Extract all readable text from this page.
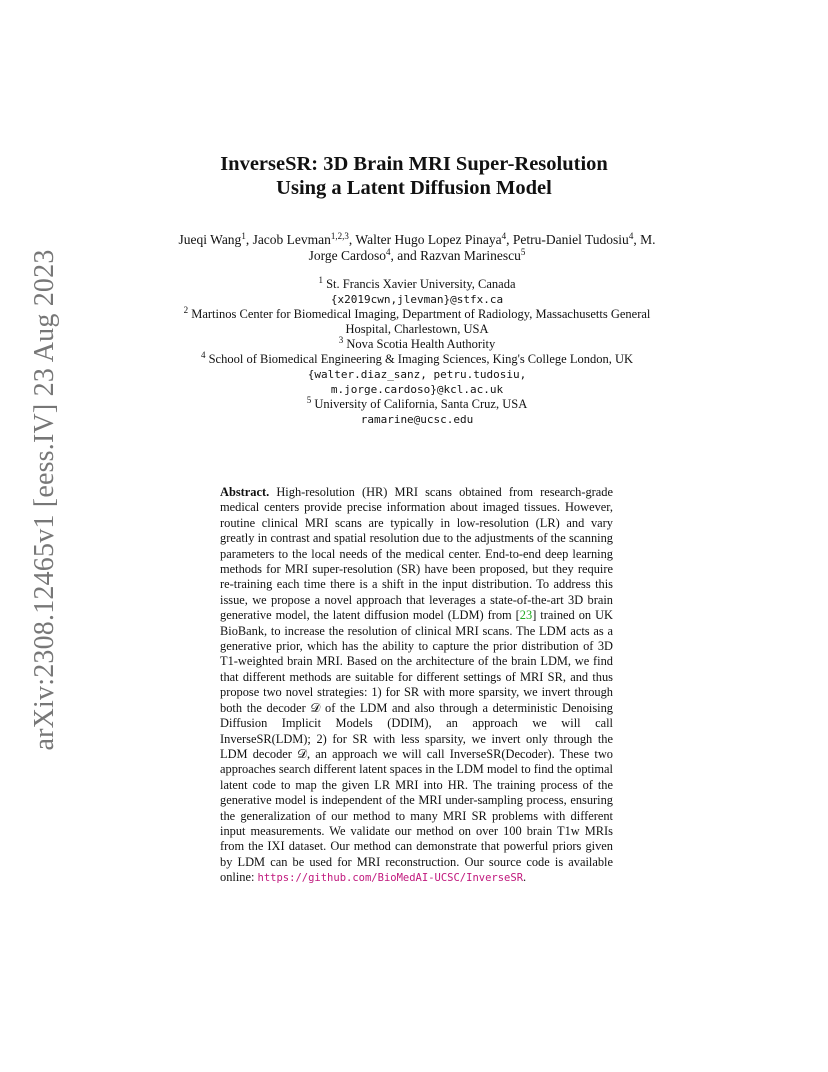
arXiv:2308.12465v1 [eess.IV] 23 Aug 2023
InverseSR: 3D Brain MRI Super-Resolution
Using a Latent Diffusion Model
Jueqi Wang$^1$, Jacob Levman$^{1,2,3}$, Walter Hugo Lopez Pinaya$^4$, Petru-Daniel Tudosiu$^4$, M. Jorge Cardoso$^4$, and Razvan Marinescu$^5$
$^1$ St. Francis Xavier University, Canada
{x2019cwn,jlevman}@stfx.ca
$^2$ Martinos Center for Biomedical Imaging, Department of Radiology, Massachusetts General Hospital, Charlestown, USA
$^3$ Nova Scotia Health Authority
$^4$ School of Biomedical Engineering & Imaging Sciences, King's College London, UK
{walter.diaz_sanz, petru.tudosiu,
m.jorge.cardoso}@kcl.ac.uk
$^5$ University of California, Santa Cruz, USA
ramarine@ucsc.edu
Abstract. High-resolution (HR) MRI scans obtained from research-grade medical centers provide precise information about imaged tissues. However, routine clinical MRI scans are typically in low-resolution (LR) and vary greatly in contrast and spatial resolution due to the adjustments of the scanning parameters to the local needs of the medical center. End-to-end deep learning methods for MRI super-resolution (SR) have been proposed, but they require re-training each time there is a shift in the input distribution. To address this issue, we propose a novel approach that leverages a state-of-the-art 3D brain generative model, the latent diffusion model (LDM) from [23] trained on UK BioBank, to increase the resolution of clinical MRI scans. The LDM acts as a generative prior, which has the ability to capture the prior distribution of 3D T1-weighted brain MRI. Based on the architecture of the brain LDM, we find that different methods are suitable for different settings of MRI SR, and thus propose two novel strategies: 1) for SR with more sparsity, we invert through both the decoder 𝒟 of the LDM and also through a deterministic Denoising Diffusion Implicit Models (DDIM), an approach we will call InverseSR(LDM); 2) for SR with less sparsity, we invert only through the LDM decoder 𝒟, an approach we will call InverseSR(Decoder). These two approaches search different latent spaces in the LDM model to find the optimal latent code to map the given LR MRI into HR. The training process of the generative model is independent of the MRI under-sampling process, ensuring the generalization of our method to many MRI SR problems with different input measurements. We validate our method on over 100 brain T1w MRIs from the IXI dataset. Our method can demonstrate that powerful priors given by LDM can be used for MRI reconstruction. Our source code is available online: https://github.com/BioMedAI-UCSC/InverseSR.
